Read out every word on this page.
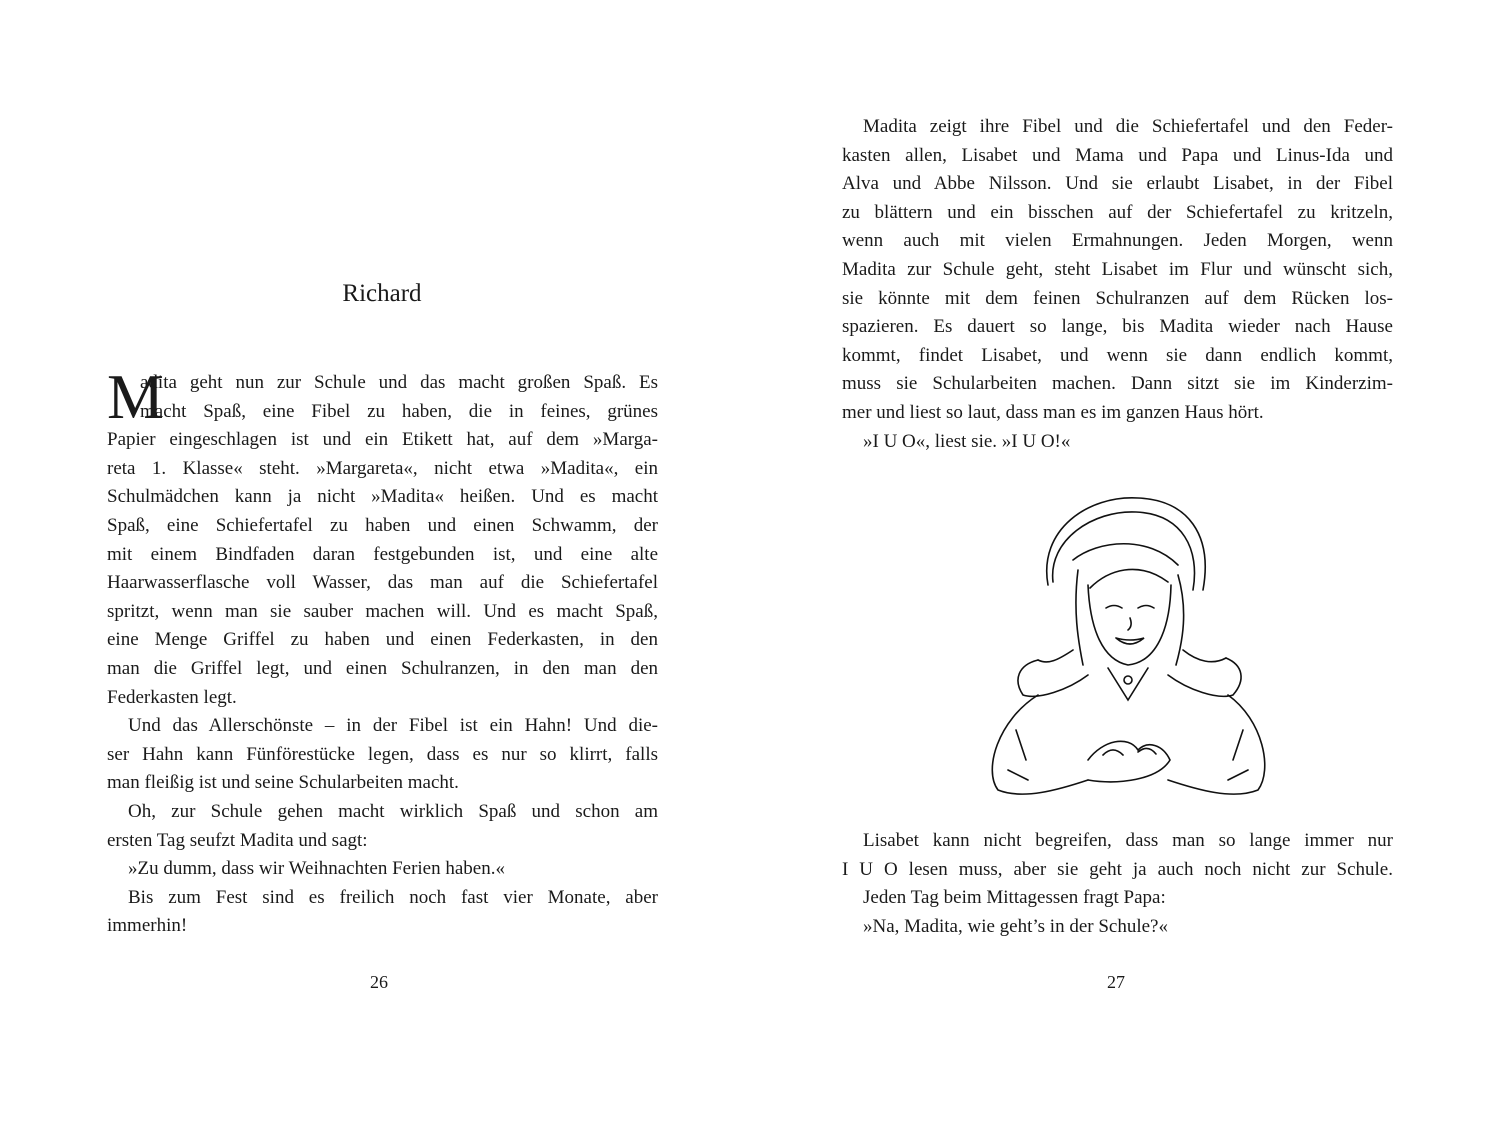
Richard
M
adita geht nun zur Schule und das macht großen Spaß. Es
macht Spaß, eine Fibel zu haben, die in feines, grünes
Papier eingeschlagen ist und ein Etikett hat, auf dem »Marga-
reta 1. Klasse« steht. »Margareta«, nicht etwa »Madita«, ein
Schulmädchen kann ja nicht »Madita« heißen. Und es macht
Spaß, eine Schiefertafel zu haben und einen Schwamm, der
mit einem Bindfaden daran festgebunden ist, und eine alte
Haarwasserflasche voll Wasser, das man auf die Schiefertafel
spritzt, wenn man sie sauber machen will. Und es macht Spaß,
eine Menge Griffel zu haben und einen Federkasten, in den
man die Griffel legt, und einen Schulranzen, in den man den
Federkasten legt.
Und das Allerschönste – in der Fibel ist ein Hahn! Und die-
ser Hahn kann Fünförestücke legen, dass es nur so klirrt, falls
man fleißig ist und seine Schularbeiten macht.
Oh, zur Schule gehen macht wirklich Spaß und schon am
ersten Tag seufzt Madita und sagt:
»Zu dumm, dass wir Weihnachten Ferien haben.«
Bis zum Fest sind es freilich noch fast vier Monate, aber
immerhin!
26
Madita zeigt ihre Fibel und die Schiefertafel und den Feder-
kasten allen, Lisabet und Mama und Papa und Linus-Ida und
Alva und Abbe Nilsson. Und sie erlaubt Lisabet, in der Fibel
zu blättern und ein bisschen auf der Schiefertafel zu kritzeln,
wenn auch mit vielen Ermahnungen. Jeden Morgen, wenn
Madita zur Schule geht, steht Lisabet im Flur und wünscht sich,
sie könnte mit dem feinen Schulranzen auf dem Rücken los-
spazieren. Es dauert so lange, bis Madita wieder nach Hause
kommt, findet Lisabet, und wenn sie dann endlich kommt,
muss sie Schularbeiten machen. Dann sitzt sie im Kinderzim-
mer und liest so laut, dass man es im ganzen Haus hört.
»I U O«, liest sie. »I U O!«
Lisabet kann nicht begreifen, dass man so lange immer nur
I U O lesen muss, aber sie geht ja auch noch nicht zur Schule.
Jeden Tag beim Mittagessen fragt Papa:
»Na, Madita, wie geht’s in der Schule?«
27
